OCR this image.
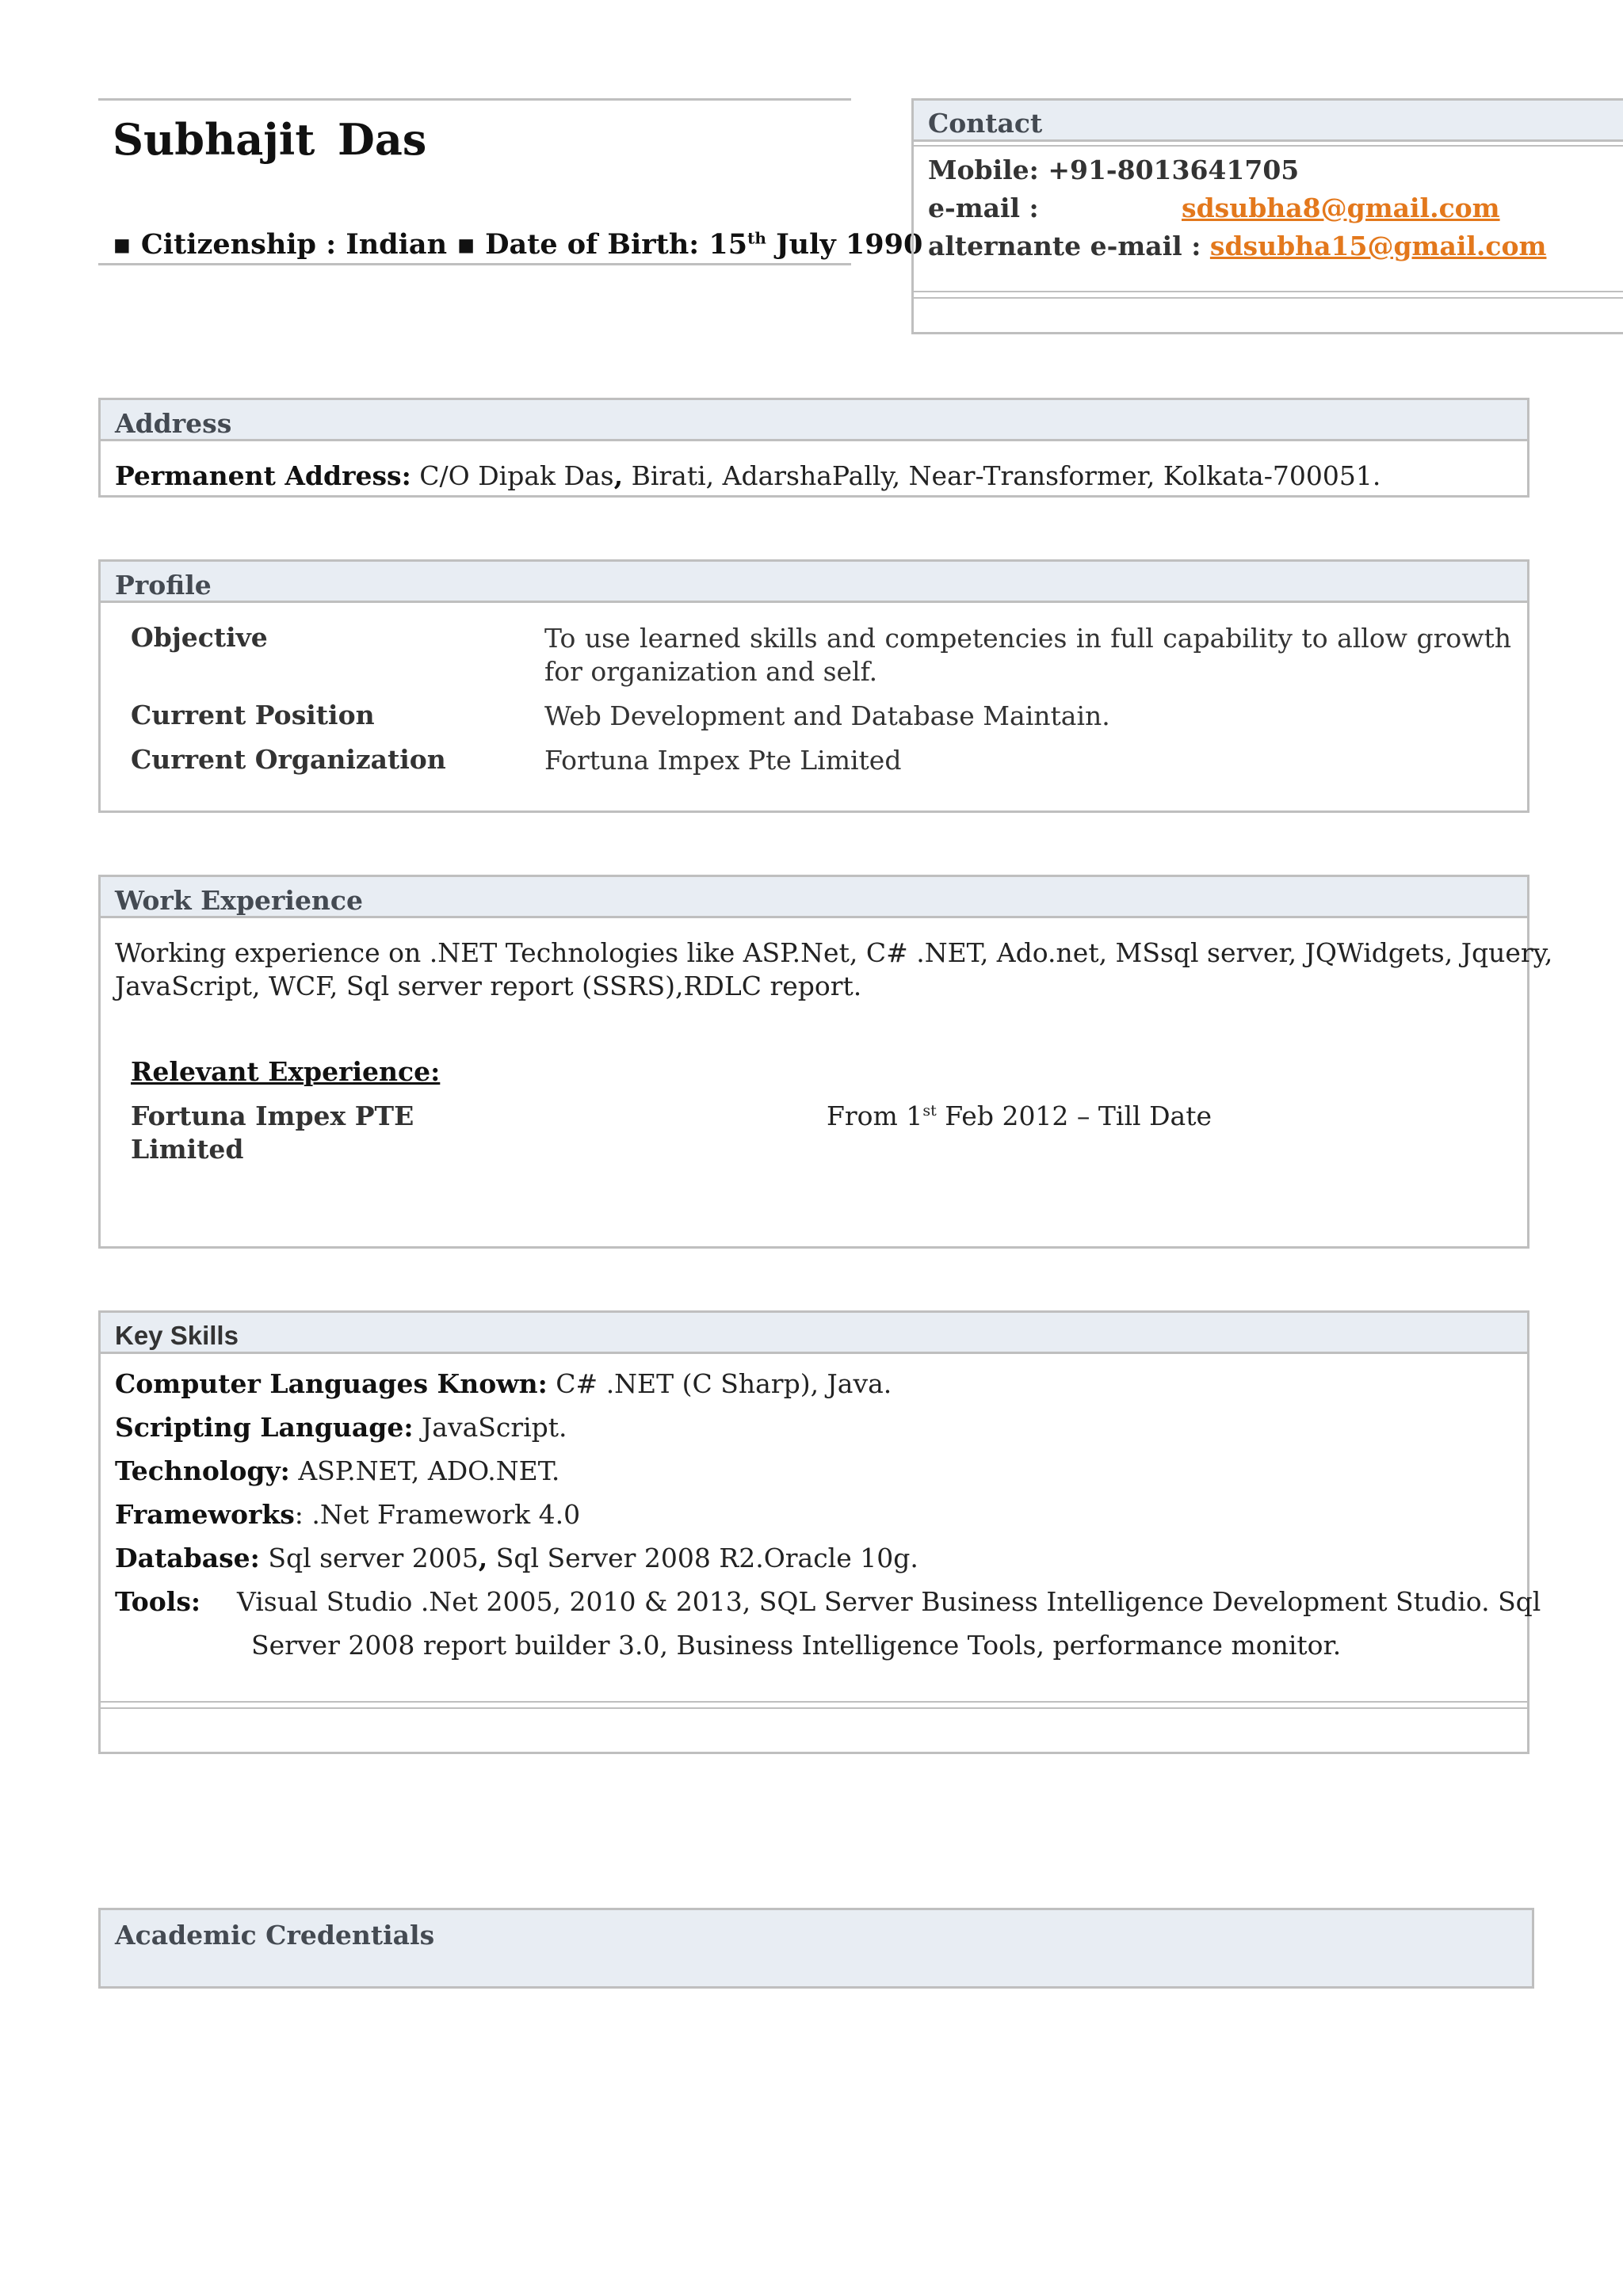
Subhajit Das
▪ Citizenship : Indian ▪ Date of Birth: 15th July 1990
Contact
Mobile: +91-8013641705
e-mail :	sdsubha8@gmail.com
alternante e-mail : sdsubha15@gmail.com
Address
Permanent Address: C/O Dipak Das, Birati, AdarshaPally, Near-Transformer, Kolkata-700051.
Profile
Objective	To use learned skills and competencies in full capability to allow growth for organization and self.
Current Position	Web Development and Database Maintain.
Current Organization	Fortuna Impex Pte Limited
Work Experience
Working experience on .NET Technologies like ASP.Net, C# .NET, Ado.net, MSsql server, JQWidgets, Jquery,
JavaScript, WCF, Sql server report (SSRS),RDLC report.
Relevant Experience:
Fortuna Impex PTE
Limited
From 1st Feb 2012 – Till Date
Key Skills
Computer Languages Known: C# .NET (C Sharp), Java.
Scripting Language: JavaScript.
Technology: ASP.NET, ADO.NET.
Frameworks: .Net Framework 4.0
Database: Sql server 2005, Sql Server 2008 R2.Oracle 10g.
Tools: Visual Studio .Net 2005, 2010 & 2013, SQL Server Business Intelligence Development Studio. Sql
Server 2008 report builder 3.0, Business Intelligence Tools, performance monitor.
Academic Credentials
